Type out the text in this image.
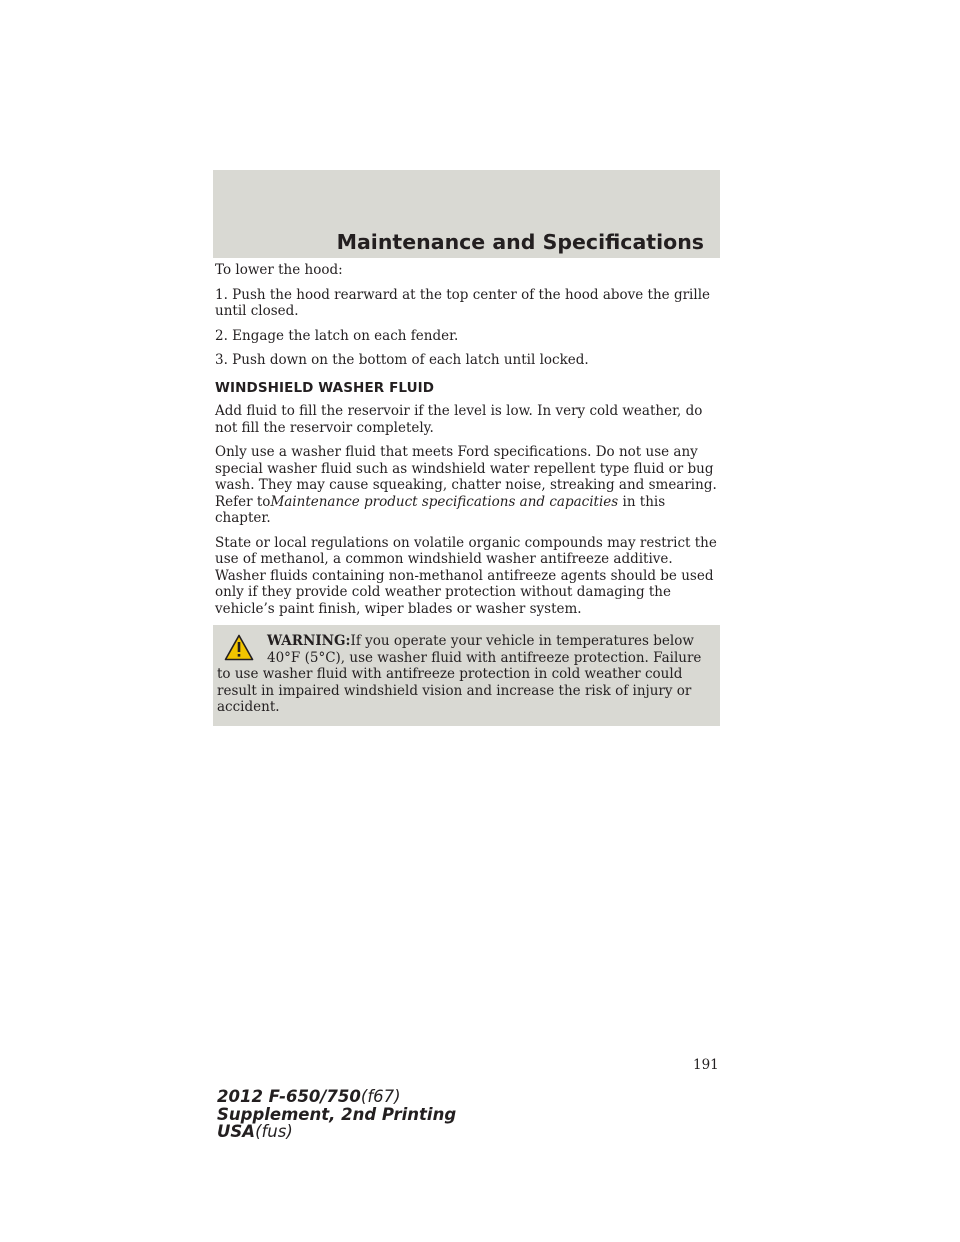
Maintenance and Specifications

To lower the hood:

1. Push the hood rearward at the top center of the hood above the grille until closed.

2. Engage the latch on each fender.

3. Push down on the bottom of each latch until locked.

WINDSHIELD WASHER FLUID

Add fluid to fill the reservoir if the level is low. In very cold weather, do not fill the reservoir completely.

Only use a washer fluid that meets Ford specifications. Do not use any special washer fluid such as windshield water repellent type fluid or bug wash. They may cause squeaking, chatter noise, streaking and smearing. Refer toMaintenance product specifications and capacities in this chapter.

State or local regulations on volatile organic compounds may restrict the use of methanol, a common windshield washer antifreeze additive. Washer fluids containing non-methanol antifreeze agents should be used only if they provide cold weather protection without damaging the vehicle’s paint finish, wiper blades or washer system.

WARNING:If you operate your vehicle in temperatures below 40°F (5°C), use washer fluid with antifreeze protection. Failure
to use washer fluid with antifreeze protection in cold weather could result in impaired windshield vision and increase the risk of injury or accident.
191
2012 F-650/750(f67)
Supplement, 2nd Printing
USA(fus)
